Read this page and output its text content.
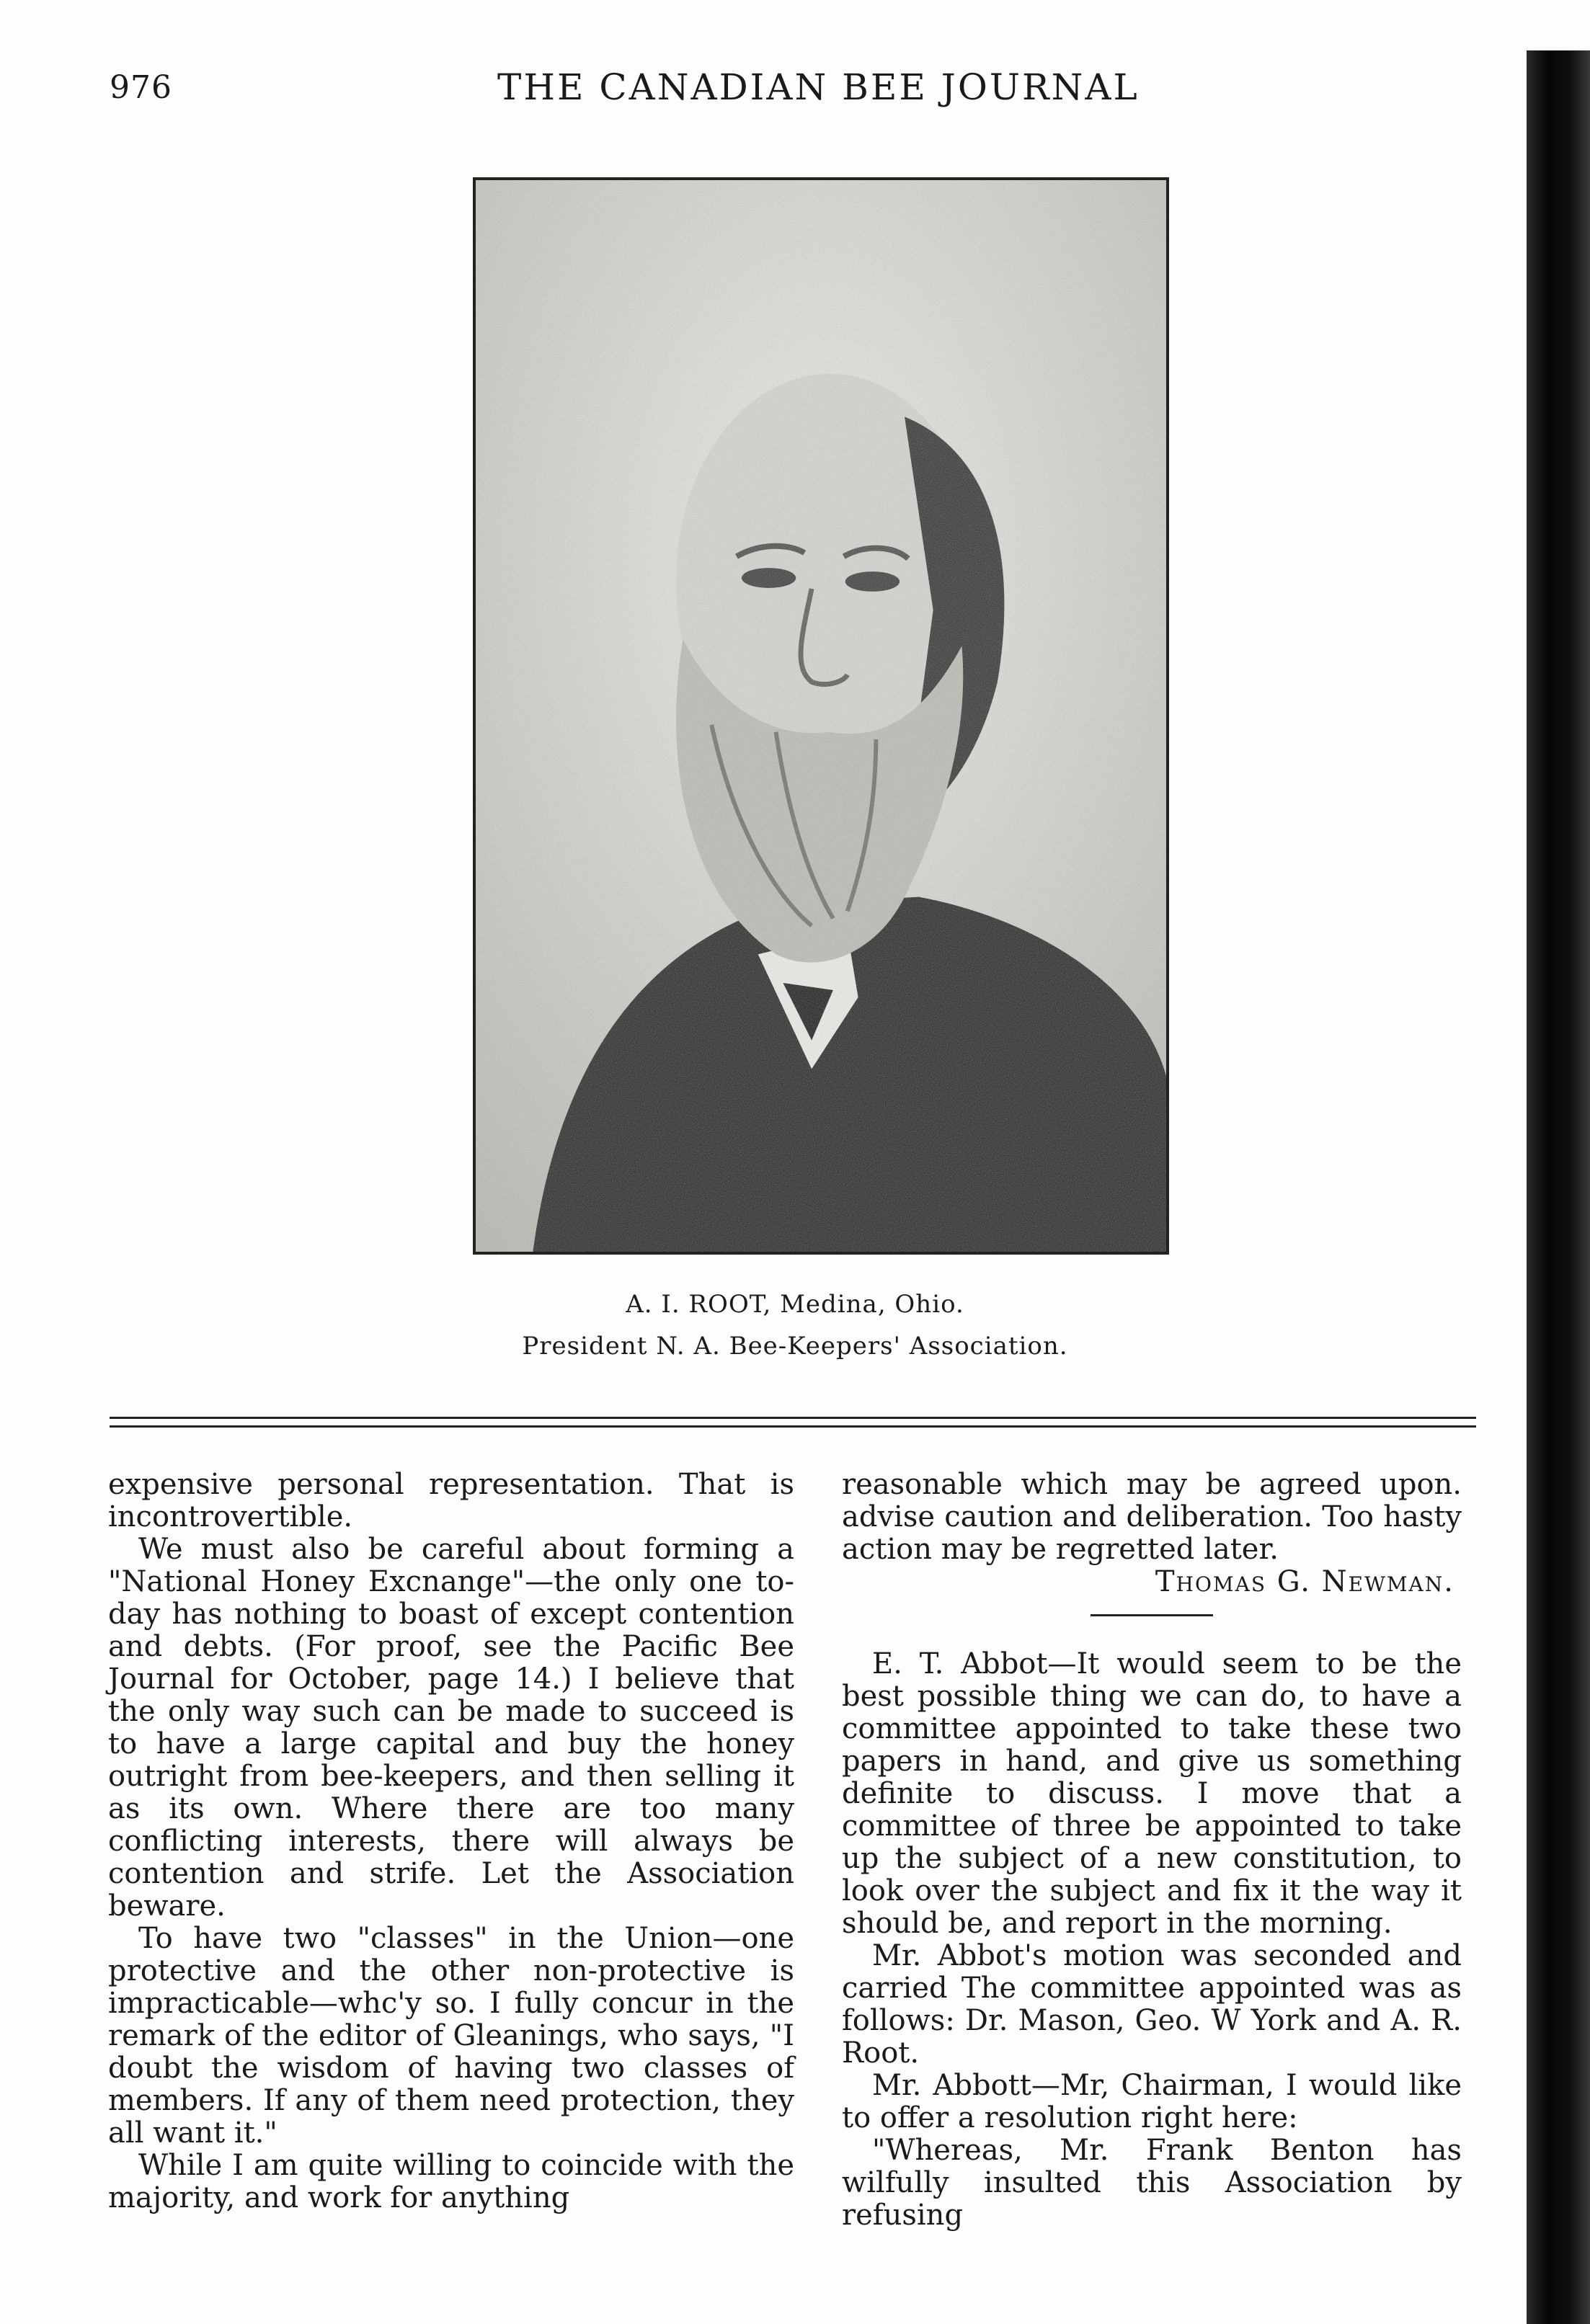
976	THE CANADIAN BEE JOURNAL
A. I. ROOT, Medina, Ohio.
President N. A. Bee-Keepers' Association.

expensive personal representation. That is incontrovertible.

We must also be careful about forming a "National Honey Excnange"—the only one to-day has nothing to boast of except contention and debts. (For proof, see the Pacific Bee Journal for October, page 14.) I believe that the only way such can be made to succeed is to have a large capital and buy the honey outright from bee-keepers, and then selling it as its own. Where there are too many conflicting interests, there will always be contention and strife. Let the Association beware.

To have two "classes" in the Union—one protective and the other non-protective is impracticable—whc'y so. I fully concur in the remark of the editor of Gleanings, who says, "I doubt the wisdom of having two classes of members. If any of them need protection, they all want it."

While I am quite willing to coincide with the majority, and work for anything

reasonable which may be agreed upon. advise caution and deliberation. Too hasty action may be regretted later.

Thomas G. Newman.

E. T. Abbot—It would seem to be the best possible thing we can do, to have a committee appointed to take these two papers in hand, and give us something definite to discuss. I move that a committee of three be appointed to take up the subject of a new constitution, to look over the subject and fix it the way it should be, and report in the morning.

Mr. Abbot's motion was seconded and carried The committee appointed was as follows: Dr. Mason, Geo. W York and A. R. Root.

Mr. Abbott—Mr, Chairman, I would like to offer a resolution right here:

"Whereas, Mr. Frank Benton has wilfully insulted this Association by refusing
